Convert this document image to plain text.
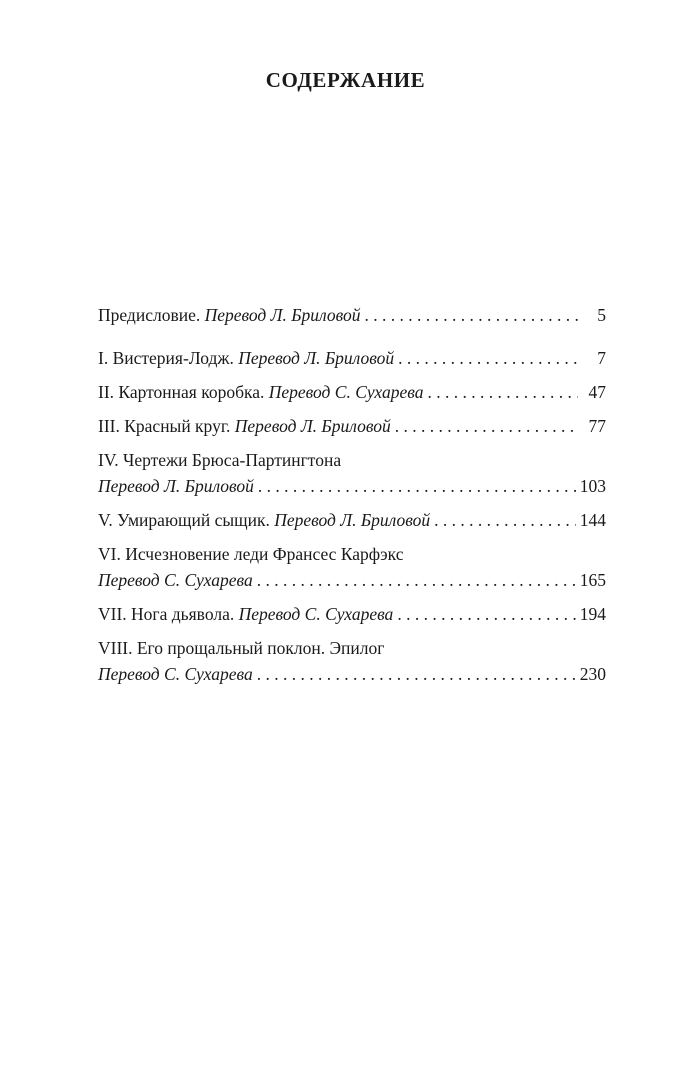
СОДЕРЖАНИЕ
Предисловие. Перевод Л. Бриловой . . .	5
I. Вистерия-Лодж. Перевод Л. Бриловой . . .	7
II. Картонная коробка. Перевод С. Сухарева . . .	47
III. Красный круг. Перевод Л. Бриловой . . .	77
IV. Чертежи Брюса-Партингтона
Перевод Л. Бриловой . . .	103
V. Умирающий сыщик. Перевод Л. Бриловой . . .	144
VI. Исчезновение леди Франсес Карфэкс
Перевод С. Сухарева . . .	165
VII. Нога дьявола. Перевод С. Сухарева . . .	194
VIII. Его прощальный поклон. Эпилог
Перевод С. Сухарева . . .	230
